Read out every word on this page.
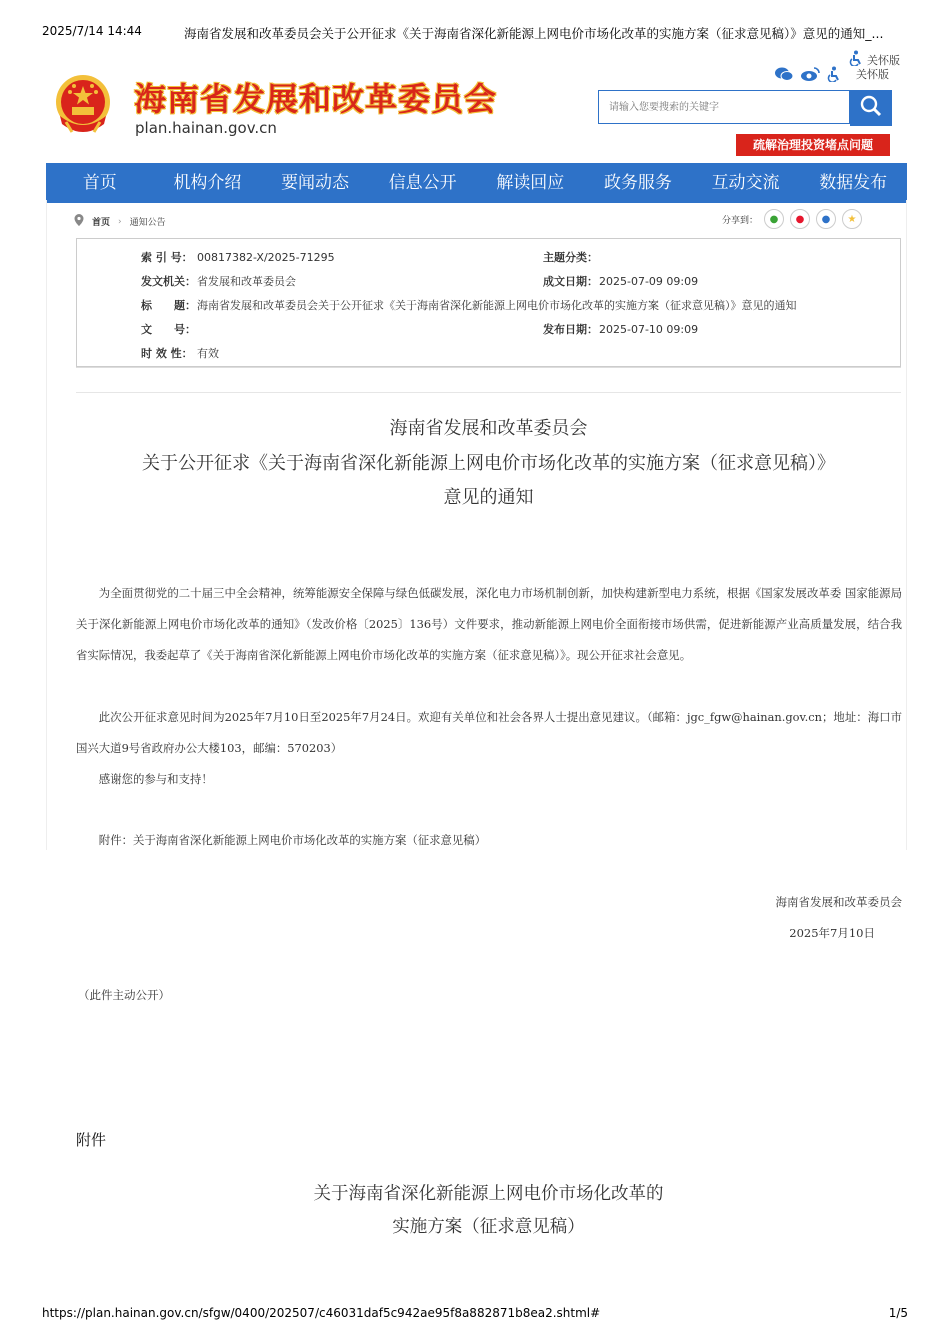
2025/7/14 14:44	海南省发展和改革委员会关于公开征求《关于海南省深化新能源上网电价市场化改革的实施方案（征求意见稿）》意见的通知_...
https://plan.hainan.gov.cn/sfgw/0400/202507/c46031daf5c942ae95f8a882871b8ea2.shtml#	1/5
海南省发展和改革委员会
plan.hainan.gov.cn
关怀版
关怀版
请输入您要搜索的关键字
疏解治理投资堵点问题
首页	机构介绍	要闻动态	信息公开	解读回应	政务服务	互动交流	数据发布
首页 › 通知公告	分享到：	●	●	●	★
索 引 号： 00817382-X/2025-71295	主题分类：
发文机关：省发展和改革委员会	成文日期：2025-07-09 09:09
标　　题：海南省发展和改革委员会关于公开征求《关于海南省深化新能源上网电价市场化改革的实施方案（征求意见稿）》意见的通知
文　　号：	发布日期：2025-07-10 09:09
时 效 性： 有效
海南省发展和改革委员会
关于公开征求《关于海南省深化新能源上网电价市场化改革的实施方案（征求意见稿）》
意见的通知
为全面贯彻党的二十届三中全会精神，统筹能源安全保障与绿色低碳发展，深化电力市场机制创新，加快构建新型电力系统，根据《国家发展改革委 国家能源局关于深化新能源上网电价市场化改革的通知》（发改价格〔2025〕136号）文件要求，推动新能源上网电价全面衔接市场供需，促进新能源产业高质量发展，结合我省实际情况，我委起草了《关于海南省深化新能源上网电价市场化改革的实施方案（征求意见稿）》。现公开征求社会意见。
此次公开征求意见时间为2025年7月10日至2025年7月24日。欢迎有关单位和社会各界人士提出意见建议。（邮箱：jgc_fgw@hainan.gov.cn；地址：海口市国兴大道9号省政府办公大楼103，邮编：570203）
感谢您的参与和支持！
附件：关于海南省深化新能源上网电价市场化改革的实施方案（征求意见稿）
海南省发展和改革委员会
2025年7月10日
（此件主动公开）
附件
关于海南省深化新能源上网电价市场化改革的
实施方案（征求意见稿）
